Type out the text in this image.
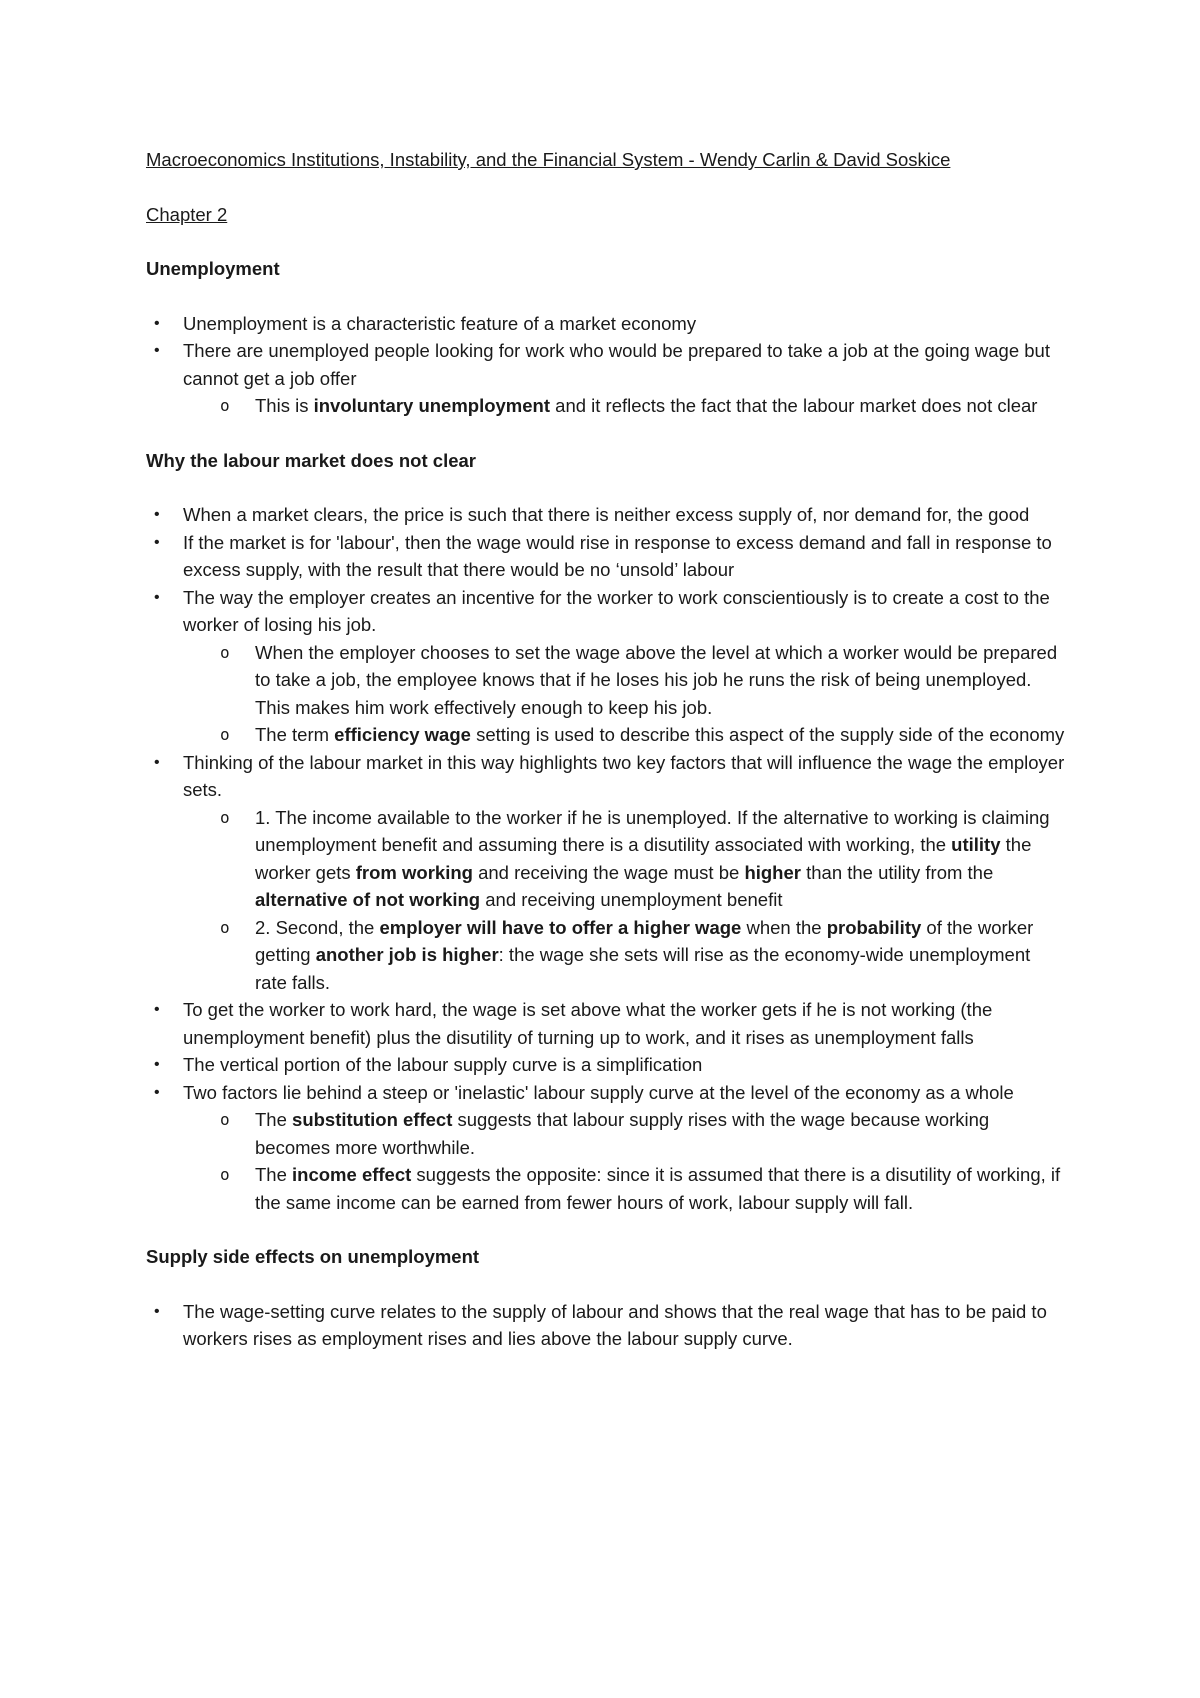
Macroeconomics Institutions, Instability, and the Financial System - Wendy Carlin & David Soskice

Chapter 2

Unemployment

• Unemployment is a characteristic feature of a market economy
• There are unemployed people looking for work who would be prepared to take a job at the going wage but cannot get a job offer
o This is involuntary unemployment and it reflects the fact that the labour market does not clear

Why the labour market does not clear

• When a market clears, the price is such that there is neither excess supply of, nor demand for, the good
• If the market is for 'labour', then the wage would rise in response to excess demand and fall in response to excess supply, with the result that there would be no ‘unsold’ labour
• The way the employer creates an incentive for the worker to work conscientiously is to create a cost to the worker of losing his job.
o When the employer chooses to set the wage above the level at which a worker would be prepared to take a job, the employee knows that if he loses his job he runs the risk of being unemployed. This makes him work effectively enough to keep his job.
o The term efficiency wage setting is used to describe this aspect of the supply side of the economy
• Thinking of the labour market in this way highlights two key factors that will influence the wage the employer sets.
o 1. The income available to the worker if he is unemployed. If the alternative to working is claiming unemployment benefit and assuming there is a disutility associated with working, the utility the worker gets from working and receiving the wage must be higher than the utility from the alternative of not working and receiving unemployment benefit
o 2. Second, the employer will have to offer a higher wage when the probability of the worker getting another job is higher: the wage she sets will rise as the economy-wide unemployment rate falls.
• To get the worker to work hard, the wage is set above what the worker gets if he is not working (the unemployment benefit) plus the disutility of turning up to work, and it rises as unemployment falls
• The vertical portion of the labour supply curve is a simplification
• Two factors lie behind a steep or 'inelastic' labour supply curve at the level of the economy as a whole
o The substitution effect suggests that labour supply rises with the wage because working becomes more worthwhile.
o The income effect suggests the opposite: since it is assumed that there is a disutility of working, if the same income can be earned from fewer hours of work, labour supply will fall.

Supply side effects on unemployment

• The wage-setting curve relates to the supply of labour and shows that the real wage that has to be paid to workers rises as employment rises and lies above the labour supply curve.
